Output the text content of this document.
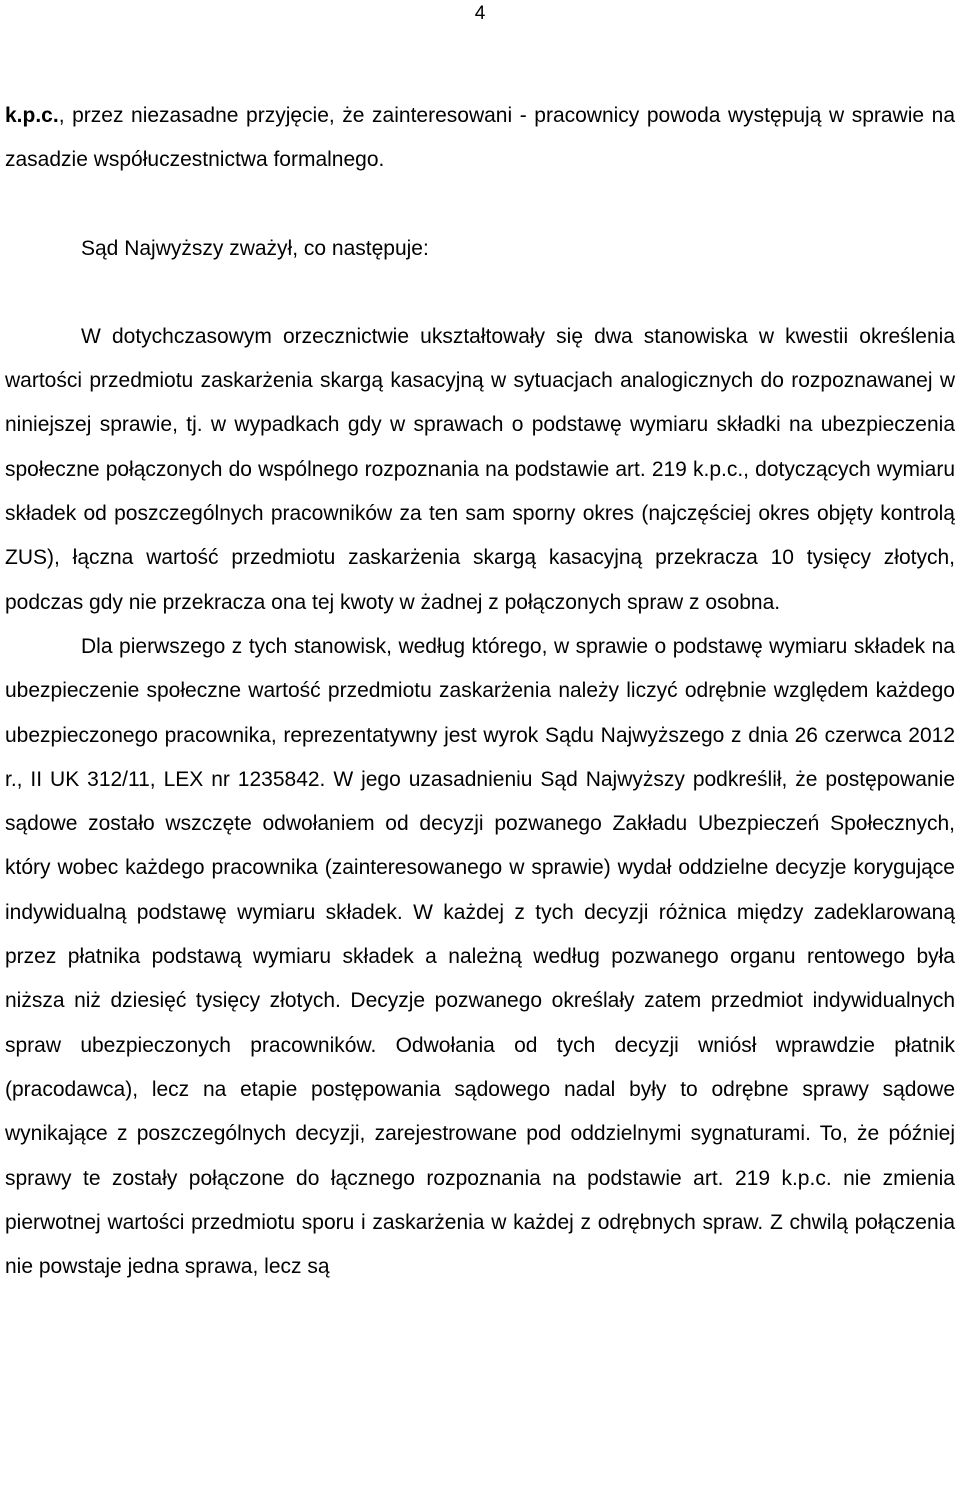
4

k.p.c., przez niezasadne przyjęcie, że zainteresowani - pracownicy powoda występują w sprawie na zasadzie współuczestnictwa formalnego.

Sąd Najwyższy zważył, co następuje:

W dotychczasowym orzecznictwie ukształtowały się dwa stanowiska w kwestii określenia wartości przedmiotu zaskarżenia skargą kasacyjną w sytuacjach analogicznych do rozpoznawanej w niniejszej sprawie, tj. w wypadkach gdy w sprawach o podstawę wymiaru składki na ubezpieczenia społeczne połączonych do wspólnego rozpoznania na podstawie art. 219 k.p.c., dotyczących wymiaru składek od poszczególnych pracowników za ten sam sporny okres (najczęściej okres objęty kontrolą ZUS), łączna wartość przedmiotu zaskarżenia skargą kasacyjną przekracza 10 tysięcy złotych, podczas gdy nie przekracza ona tej kwoty w żadnej z połączonych spraw z osobna.

Dla pierwszego z tych stanowisk, według którego, w sprawie o podstawę wymiaru składek na ubezpieczenie społeczne wartość przedmiotu zaskarżenia należy liczyć odrębnie względem każdego ubezpieczonego pracownika, reprezentatywny jest wyrok Sądu Najwyższego z dnia 26 czerwca 2012 r., II UK 312/11, LEX nr 1235842. W jego uzasadnieniu Sąd Najwyższy podkreślił, że postępowanie sądowe zostało wszczęte odwołaniem od decyzji pozwanego Zakładu Ubezpieczeń Społecznych, który wobec każdego pracownika (zainteresowanego w sprawie) wydał oddzielne decyzje korygujące indywidualną podstawę wymiaru składek. W każdej z tych decyzji różnica między zadeklarowaną przez płatnika podstawą wymiaru składek a należną według pozwanego organu rentowego była niższa niż dziesięć tysięcy złotych. Decyzje pozwanego określały zatem przedmiot indywidualnych spraw ubezpieczonych pracowników. Odwołania od tych decyzji wniósł wprawdzie płatnik (pracodawca), lecz na etapie postępowania sądowego nadal były to odrębne sprawy sądowe wynikające z poszczególnych decyzji, zarejestrowane pod oddzielnymi sygnaturami. To, że później sprawy te zostały połączone do łącznego rozpoznania na podstawie art. 219 k.p.c. nie zmienia pierwotnej wartości przedmiotu sporu i zaskarżenia w każdej z odrębnych spraw. Z chwilą połączenia nie powstaje jedna sprawa, lecz są
